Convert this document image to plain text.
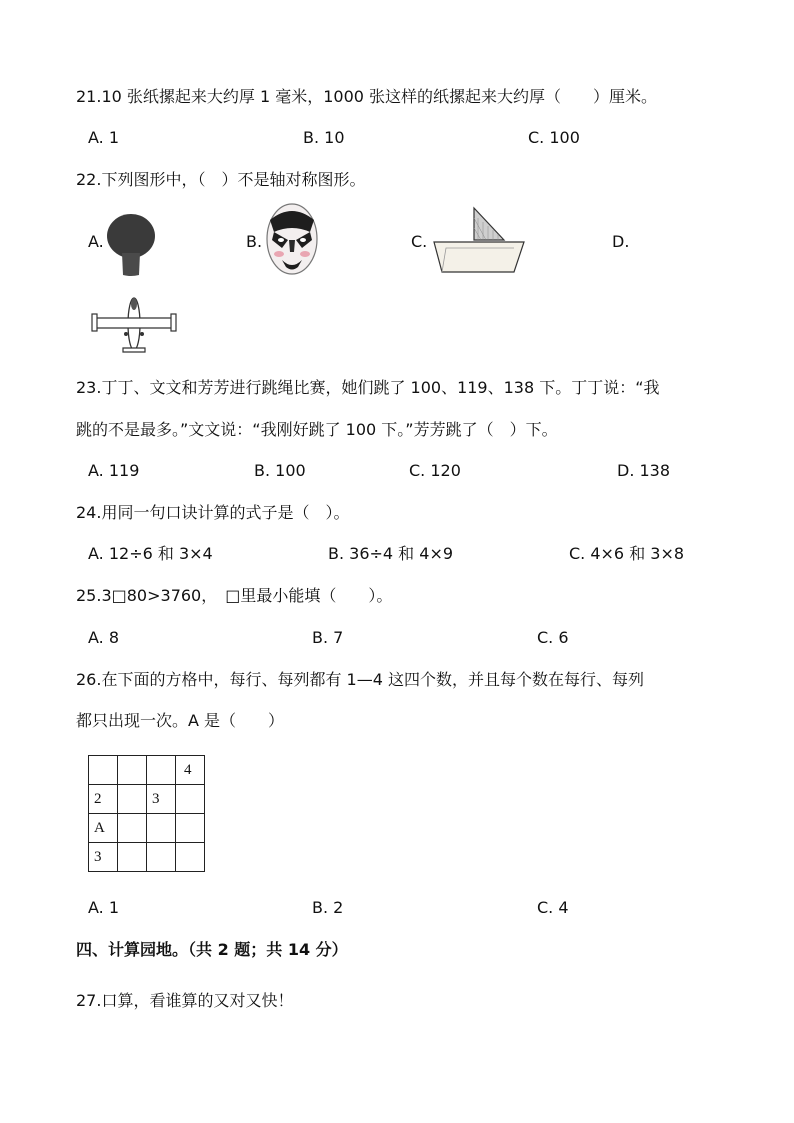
21.10 张纸摞起来大约厚 1 毫米，1000 张这样的纸摞起来大约厚（　　）厘米。
A. 1	B. 10	C. 100
22.下列图形中，（　）不是轴对称图形。
A.	B.	C.	D.
23.丁丁、文文和芳芳进行跳绳比赛，她们跳了 100、119、138 下。丁丁说：“我
跳的不是最多。”文文说：“我刚好跳了 100 下。”芳芳跳了（　）下。
A. 119	B. 100	C. 120	D. 138
24.用同一句口诀计算的式子是（　）。
A. 12÷6 和 3×4	B. 36÷4 和 4×9	C. 4×6 和 3×8
25.3□80>3760，　□里最小能填（　　）。
A. 8	B. 7	C. 6
26.在下面的方格中，每行、每列都有 1—4 这四个数，并且每个数在每行、每列
都只出现一次。A 是（　　）
			4
2		3	
A			
3			
A. 1	B. 2	C. 4
四、计算园地。（共 2 题；共 14 分）
27.口算，看谁算的又对又快！
